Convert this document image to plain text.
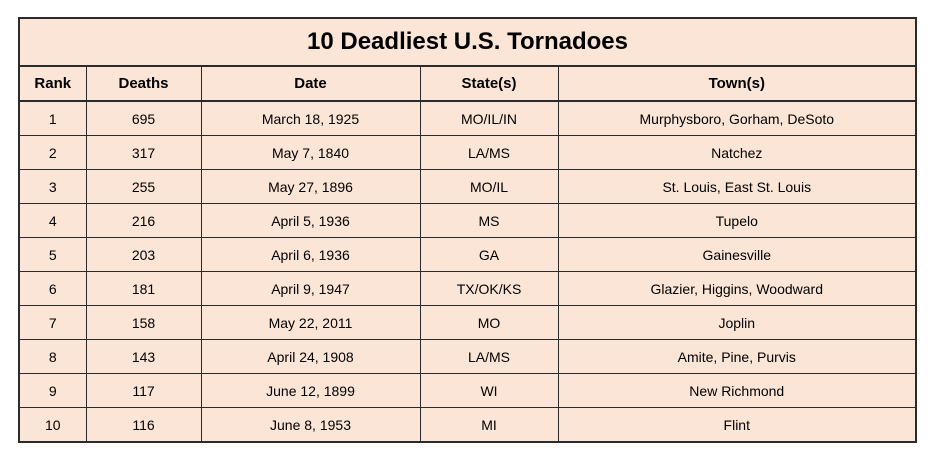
10 Deadliest U.S. Tornadoes				
Rank	Deaths	Date	State(s)	Town(s)
1	695	March 18, 1925	MO/IL/IN	Murphysboro, Gorham, DeSoto
2	317	May 7, 1840	LA/MS	Natchez
3	255	May 27, 1896	MO/IL	St. Louis, East St. Louis
4	216	April 5, 1936	MS	Tupelo
5	203	April 6, 1936	GA	Gainesville
6	181	April 9, 1947	TX/OK/KS	Glazier, Higgins, Woodward
7	158	May 22, 2011	MO	Joplin
8	143	April 24, 1908	LA/MS	Amite, Pine, Purvis
9	117	June 12, 1899	WI	New Richmond
10	116	June 8, 1953	MI	Flint
